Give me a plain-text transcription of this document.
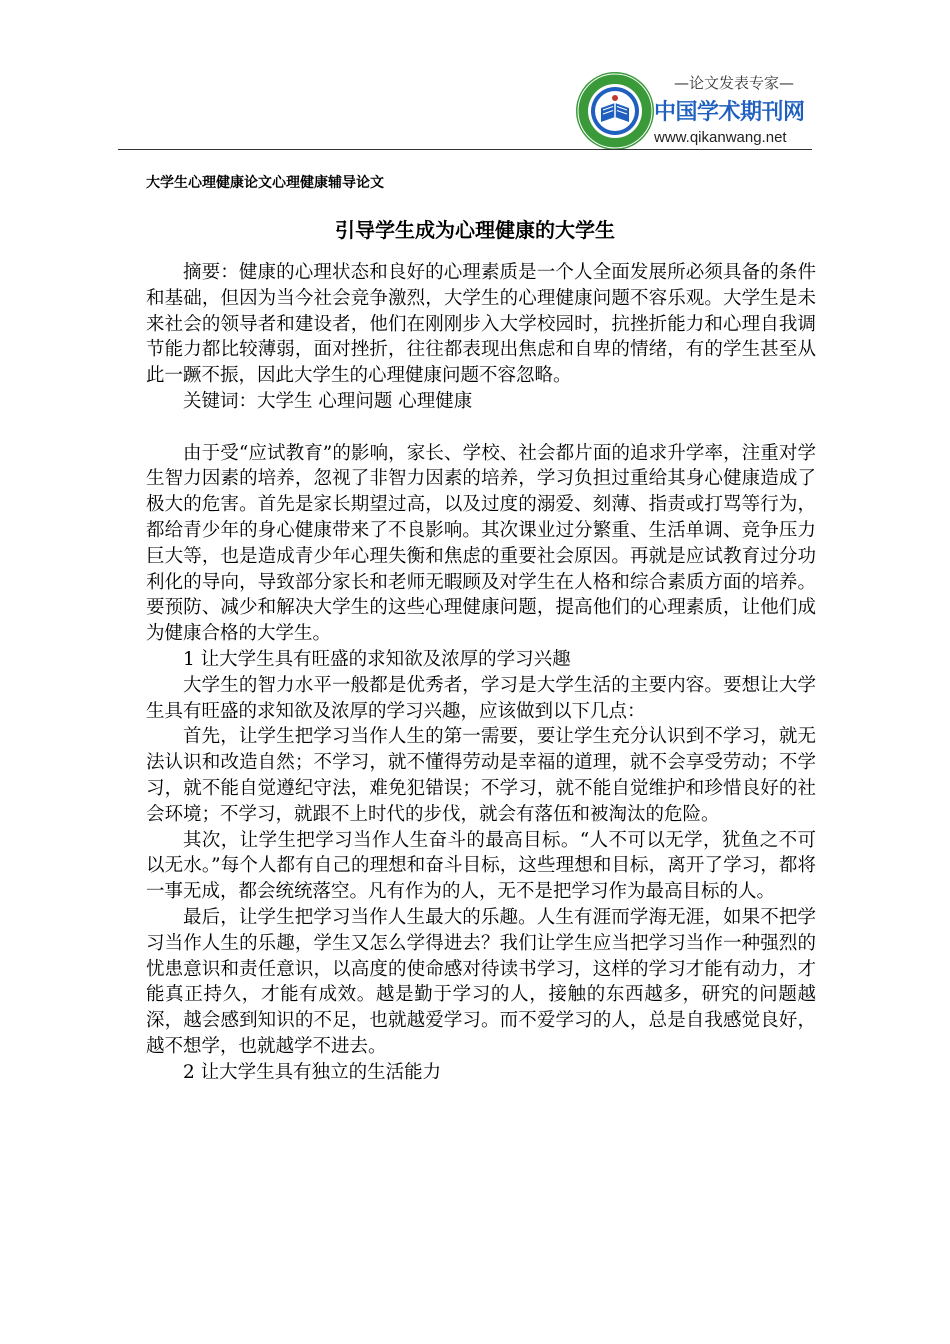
—论文发表专家—
中国学术期刊网
www.qikanwang.net
大学生心理健康论文心理健康辅导论文
引导学生成为心理健康的大学生

摘要：健康的心理状态和良好的心理素质是一个人全面发展所必须具备的条件和基础，但因为当今社会竞争激烈，大学生的心理健康问题不容乐观。大学生是未来社会的领导者和建设者，他们在刚刚步入大学校园时，抗挫折能力和心理自我调节能力都比较薄弱，面对挫折，往往都表现出焦虑和自卑的情绪，有的学生甚至从此一蹶不振，因此大学生的心理健康问题不容忽略。

关键词：大学生 心理问题 心理健康

由于受“应试教育”的影响，家长、学校、社会都片面的追求升学率，注重对学生智力因素的培养，忽视了非智力因素的培养，学习负担过重给其身心健康造成了极大的危害。首先是家长期望过高，以及过度的溺爱、刻薄、指责或打骂等行为，都给青少年的身心健康带来了不良影响。其次课业过分繁重、生活单调、竞争压力巨大等，也是造成青少年心理失衡和焦虑的重要社会原因。再就是应试教育过分功利化的导向，导致部分家长和老师无暇顾及对学生在人格和综合素质方面的培养。要预防、减少和解决大学生的这些心理健康问题，提高他们的心理素质，让他们成为健康合格的大学生。

1 让大学生具有旺盛的求知欲及浓厚的学习兴趣

大学生的智力水平一般都是优秀者，学习是大学生活的主要内容。要想让大学生具有旺盛的求知欲及浓厚的学习兴趣，应该做到以下几点：

首先，让学生把学习当作人生的第一需要，要让学生充分认识到不学习，就无法认识和改造自然；不学习，就不懂得劳动是幸福的道理，就不会享受劳动；不学习，就不能自觉遵纪守法，难免犯错误；不学习，就不能自觉维护和珍惜良好的社会环境；不学习，就跟不上时代的步伐，就会有落伍和被淘汰的危险。

其次，让学生把学习当作人生奋斗的最高目标。“人不可以无学，犹鱼之不可以无水。”每个人都有自己的理想和奋斗目标，这些理想和目标，离开了学习，都将一事无成，都会统统落空。凡有作为的人，无不是把学习作为最高目标的人。

最后，让学生把学习当作人生最大的乐趣。人生有涯而学海无涯，如果不把学习当作人生的乐趣，学生又怎么学得进去？我们让学生应当把学习当作一种强烈的忧患意识和责任意识，以高度的使命感对待读书学习，这样的学习才能有动力，才能真正持久，才能有成效。越是勤于学习的人，接触的东西越多，研究的问题越深，越会感到知识的不足，也就越爱学习。而不爱学习的人，总是自我感觉良好，越不想学，也就越学不进去。

2 让大学生具有独立的生活能力
